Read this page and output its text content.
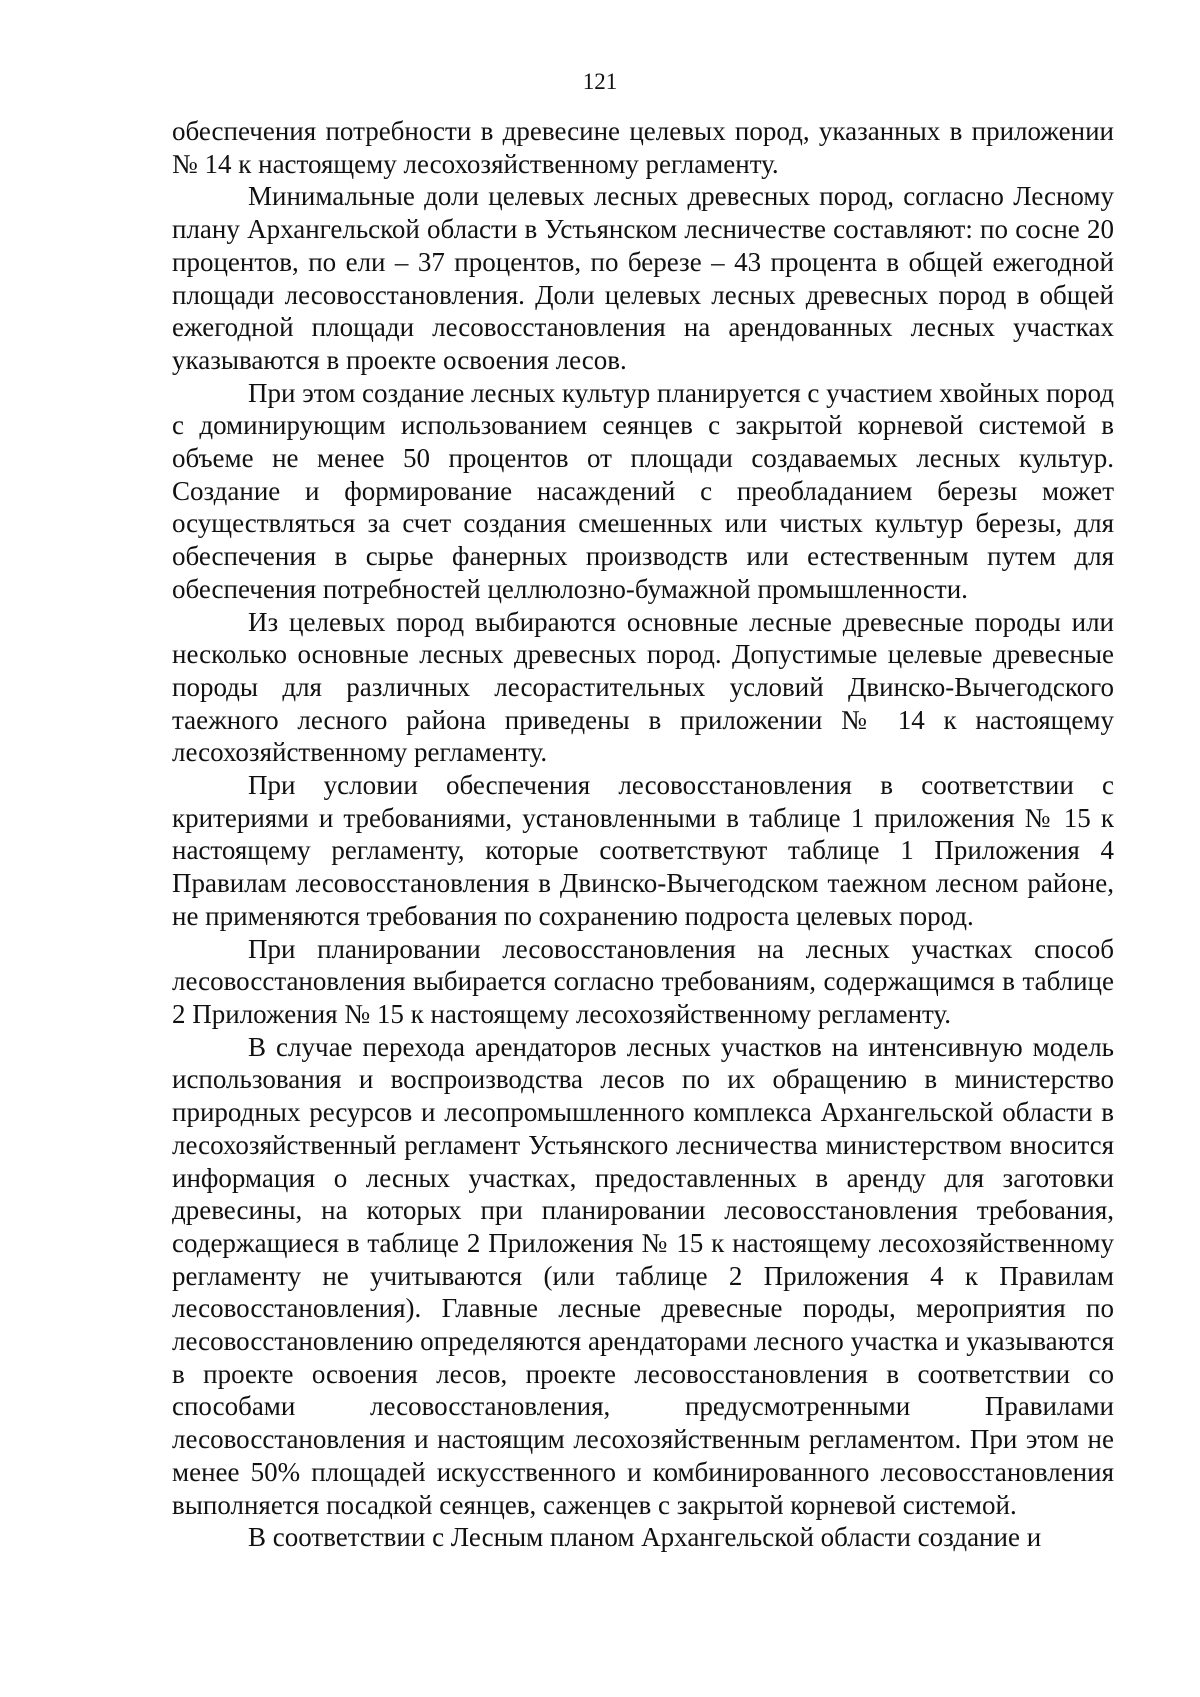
121

обеспечения потребности в древесине целевых пород, указанных в приложении № 14 к настоящему лесохозяйственному регламенту.

Минимальные доли целевых лесных древесных пород, согласно Лесному плану Архангельской области в Устьянском лесничестве составляют: по сосне 20 процентов, по ели – 37 процентов, по березе – 43 процента в общей ежегодной площади лесовосстановления. Доли целевых лесных древесных пород в общей ежегодной площади лесовосстановления на арендованных лесных участках указываются в проекте освоения лесов.

При этом создание лесных культур планируется с участием хвойных пород с доминирующим использованием сеянцев с закрытой корневой системой в объеме не менее 50 процентов от площади создаваемых лесных культур. Создание и формирование насаждений с преобладанием березы может осуществляться за счет создания смешенных или чистых культур березы, для обеспечения в сырье фанерных производств или естественным путем для обеспечения потребностей целлюлозно-бумажной промышленности.

Из целевых пород выбираются основные лесные древесные породы или несколько основные лесных древесных пород. Допустимые целевые древесные породы для различных лесорастительных условий Двинско-Вычегодского таежного лесного района приведены в приложении № 14 к настоящему лесохозяйственному регламенту.

При условии обеспечения лесовосстановления в соответствии с критериями и требованиями, установленными в таблице 1 приложения № 15 к настоящему регламенту, которые соответствуют таблице 1 Приложения 4 Правилам лесовосстановления в Двинско-Вычегодском таежном лесном районе, не применяются требования по сохранению подроста целевых пород.

При планировании лесовосстановления на лесных участках способ лесовосстановления выбирается согласно требованиям, содержащимся в таблице 2 Приложения № 15 к настоящему лесохозяйственному регламенту.

В случае перехода арендаторов лесных участков на интенсивную модель использования и воспроизводства лесов по их обращению в министерство природных ресурсов и лесопромышленного комплекса Архангельской области в лесохозяйственный регламент Устьянского лесничества министерством вносится информация о лесных участках, предоставленных в аренду для заготовки древесины, на которых при планировании лесовосстановления требования, содержащиеся в таблице 2 Приложения № 15 к настоящему лесохозяйственному регламенту не учитываются (или таблице 2 Приложения 4 к Правилам лесовосстановления). Главные лесные древесные породы, мероприятия по лесовосстановлению определяются арендаторами лесного участка и указываются в проекте освоения лесов, проекте лесовосстановления в соответствии со способами лесовосстановления, предусмотренными Правилами лесовосстановления и настоящим лесохозяйственным регламентом. При этом не менее 50% площадей искусственного и комбинированного лесовосстановления выполняется посадкой сеянцев, саженцев с закрытой корневой системой.

В соответствии с Лесным планом Архангельской области создание и
